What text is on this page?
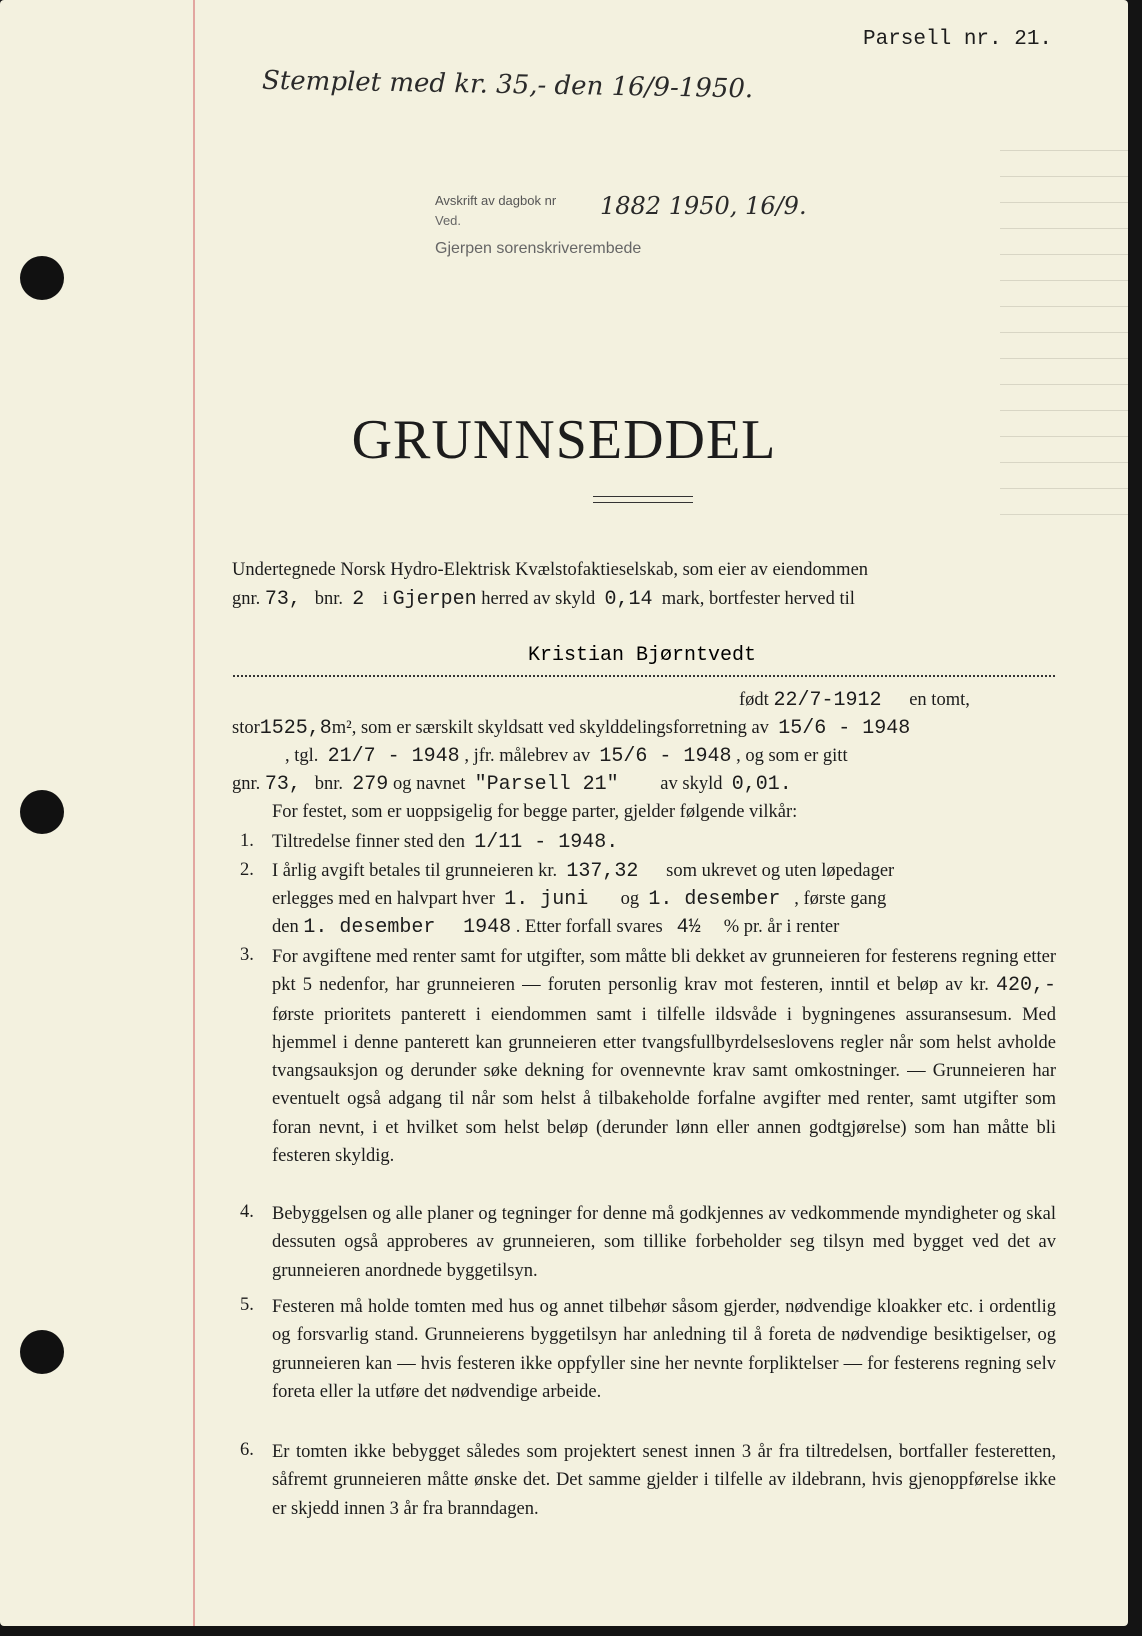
Parsell nr. 21.
Stemplet med kr. 35,- den 16/9-1950.
Avskrift av dagbok nr 1882 1950, 16/9.
Ved.
Gjerpen sorenskriverembede
GRUNNSEDDEL
Undertegnede Norsk Hydro-Elektrisk Kvælstofaktieselskab, som eier av eiendommen
gnr. 73, bnr. 2 i Gjerpen herred av skyld 0,14 mark, bortfester herved til
Kristian Bjørntvedt
født 22/7-1912 en tomt,
stor1525,8m², som er særskilt skyldsatt ved skylddelingsforretning av 15/6 - 1948
, tgl. 21/7 - 1948 , jfr. målebrev av 15/6 - 1948 , og som er gitt
gnr. 73, bnr. 279 og navnet "Parsell 21" av skyld 0,01.
For festet, som er uoppsigelig for begge parter, gjelder følgende vilkår:
1. Tiltredelse finner sted den 1/11 - 1948.
2. I årlig avgift betales til grunneieren kr. 137,32 som ukrevet og uten løpedager
erlegges med en halvpart hver 1. juni og 1. desember , første gang
den 1. desember 1948 . Etter forfall svares 4½ % pr. år i renter
3. For avgiftene med renter samt for utgifter, som måtte bli dekket av grunneieren for festerens regning etter pkt 5 nedenfor, har grunneieren — foruten personlig krav mot festeren, inntil et beløp av kr. 420,- første prioritets panterett i eiendommen samt i tilfelle ildsvåde i bygningenes assuransesum. Med hjemmel i denne panterett kan grunneieren etter tvangsfullbyrdelseslovens regler når som helst avholde tvangsauksjon og derunder søke dekning for ovennevnte krav samt omkostninger. — Grunneieren har eventuelt også adgang til når som helst å tilbakeholde forfalne avgifter med renter, samt utgifter som foran nevnt, i et hvilket som helst beløp (derunder lønn eller annen godtgjørelse) som han måtte bli festeren skyldig.
4. Bebyggelsen og alle planer og tegninger for denne må godkjennes av vedkommende myndigheter og skal dessuten også approberes av grunneieren, som tillike forbeholder seg tilsyn med bygget ved det av grunneieren anordnede byggetilsyn.
5. Festeren må holde tomten med hus og annet tilbehør såsom gjerder, nødvendige kloakker etc. i ordentlig og forsvarlig stand. Grunneierens byggetilsyn har anledning til å foreta de nødvendige besiktigelser, og grunneieren kan — hvis festeren ikke oppfyller sine her nevnte forpliktelser — for festerens regning selv foreta eller la utføre det nødvendige arbeide.
6. Er tomten ikke bebygget således som projektert senest innen 3 år fra tiltredelsen, bortfaller festeretten, såfremt grunneieren måtte ønske det. Det samme gjelder i tilfelle av ildebrann, hvis gjenoppførelse ikke er skjedd innen 3 år fra branndagen.
